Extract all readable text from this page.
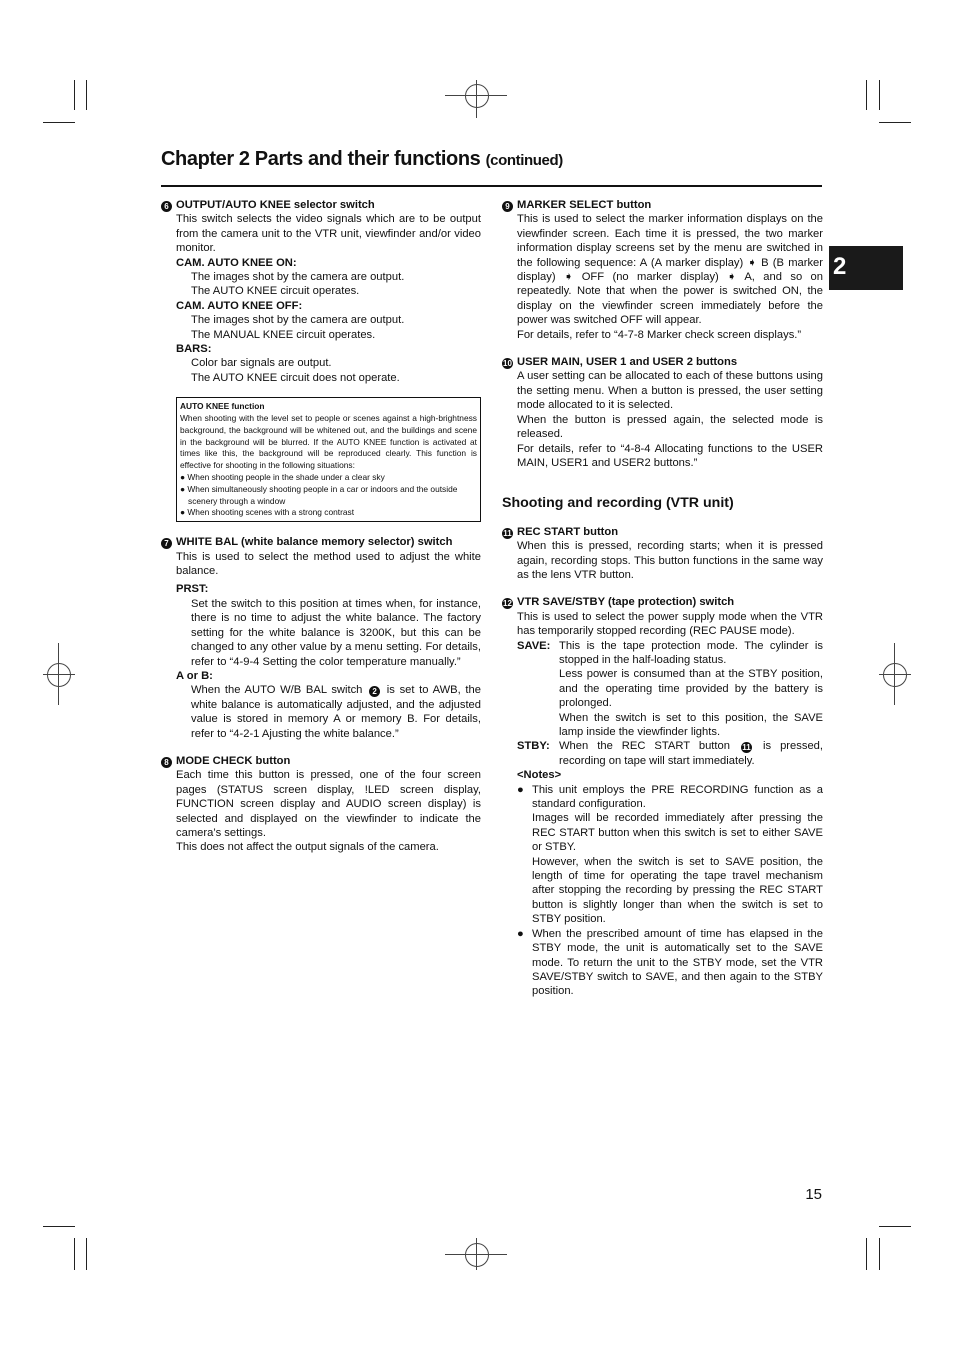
Chapter 2 Parts and their functions (continued)
2

6 OUTPUT/AUTO KNEE selector switch

This switch selects the video signals which are to be output from the camera unit to the VTR unit, viewfinder and/or video monitor.

CAM. AUTO KNEE ON:

The images shot by the camera are output.

The AUTO KNEE circuit operates.

CAM. AUTO KNEE OFF:

The images shot by the camera are output.

The MANUAL KNEE circuit operates.

BARS:

Color bar signals are output.

The AUTO KNEE circuit does not operate.

AUTO KNEE function
When shooting with the level set to people or scenes against a high-brightness background, the background will be whitened out, and the buildings and scene in the background will be blurred. If the AUTO KNEE function is activated at times like this, the background will be reproduced clearly. This function is effective for shooting in the following situations:
● When shooting people in the shade under a clear sky
● When simultaneously shooting people in a car or indoors and the outside scenery through a window
● When shooting scenes with a strong contrast

7 WHITE BAL (white balance memory selector) switch

This is used to select the method used to adjust the white balance.

PRST:

Set the switch to this position at times when, for instance, there is no time to adjust the white balance. The factory setting for the white balance is 3200K, but this can be changed to any other value by a menu setting. For details, refer to “4-9-4 Setting the color temperature manually.”

A or B:

When the AUTO W/B BAL switch 2 is set to AWB, the white balance is automatically adjusted, and the adjusted value is stored in memory A or memory B. For details, refer to “4-2-1 Ajusting the white balance.”

8 MODE CHECK button

Each time this button is pressed, one of the four screen pages (STATUS screen display, !LED screen display, FUNCTION screen display and AUDIO screen display) is selected and displayed on the viewfinder to indicate the camera’s settings.

This does not affect the output signals of the camera.

9 MARKER SELECT button

This is used to select the marker information displays on the viewfinder screen. Each time it is pressed, the two marker information display screens set by the menu are switched in the following sequence: A (A marker display) ➧ B (B marker display) ➧ OFF (no marker display) ➧ A, and so on repeatedly. Note that when the power is switched ON, the display on the viewfinder screen immediately before the power was switched OFF will appear.

For details, refer to “4-7-8 Marker check screen displays.”

10 USER MAIN, USER 1 and USER 2 buttons

A user setting can be allocated to each of these buttons using the setting menu. When a button is pressed, the user setting mode allocated to it is selected.

When the button is pressed again, the selected mode is released.

For details, refer to “4-8-4 Allocating functions to the USER MAIN, USER1 and USER2 buttons.”

Shooting and recording (VTR unit)

11 REC START button

When this is pressed, recording starts; when it is pressed again, recording stops. This button functions in the same way as the lens VTR button.

12 VTR SAVE/STBY (tape protection) switch

This is used to select the power supply mode when the VTR has temporarily stopped recording (REC PAUSE mode).

SAVE: This is the tape protection mode. The cylinder is stopped in the half-loading status.
Less power is consumed than at the STBY position, and the operating time provided by the battery is prolonged.
When the switch is set to this position, the SAVE lamp inside the viewfinder lights.
STBY: When the REC START button 11 is pressed, recording on tape will start immediately.
<Notes>
● This unit employs the PRE RECORDING function as a standard configuration.
Images will be recorded immediately after pressing the REC START button when this switch is set to either SAVE or STBY.
However, when the switch is set to SAVE position, the length of time for operating the tape travel mechanism after stopping the recording by pressing the REC START button is slightly longer than when the switch is set to STBY position.
● When the prescribed amount of time has elapsed in the STBY mode, the unit is automatically set to the SAVE mode. To return the unit to the STBY mode, set the VTR SAVE/STBY switch to SAVE, and then again to the STBY position.
15
